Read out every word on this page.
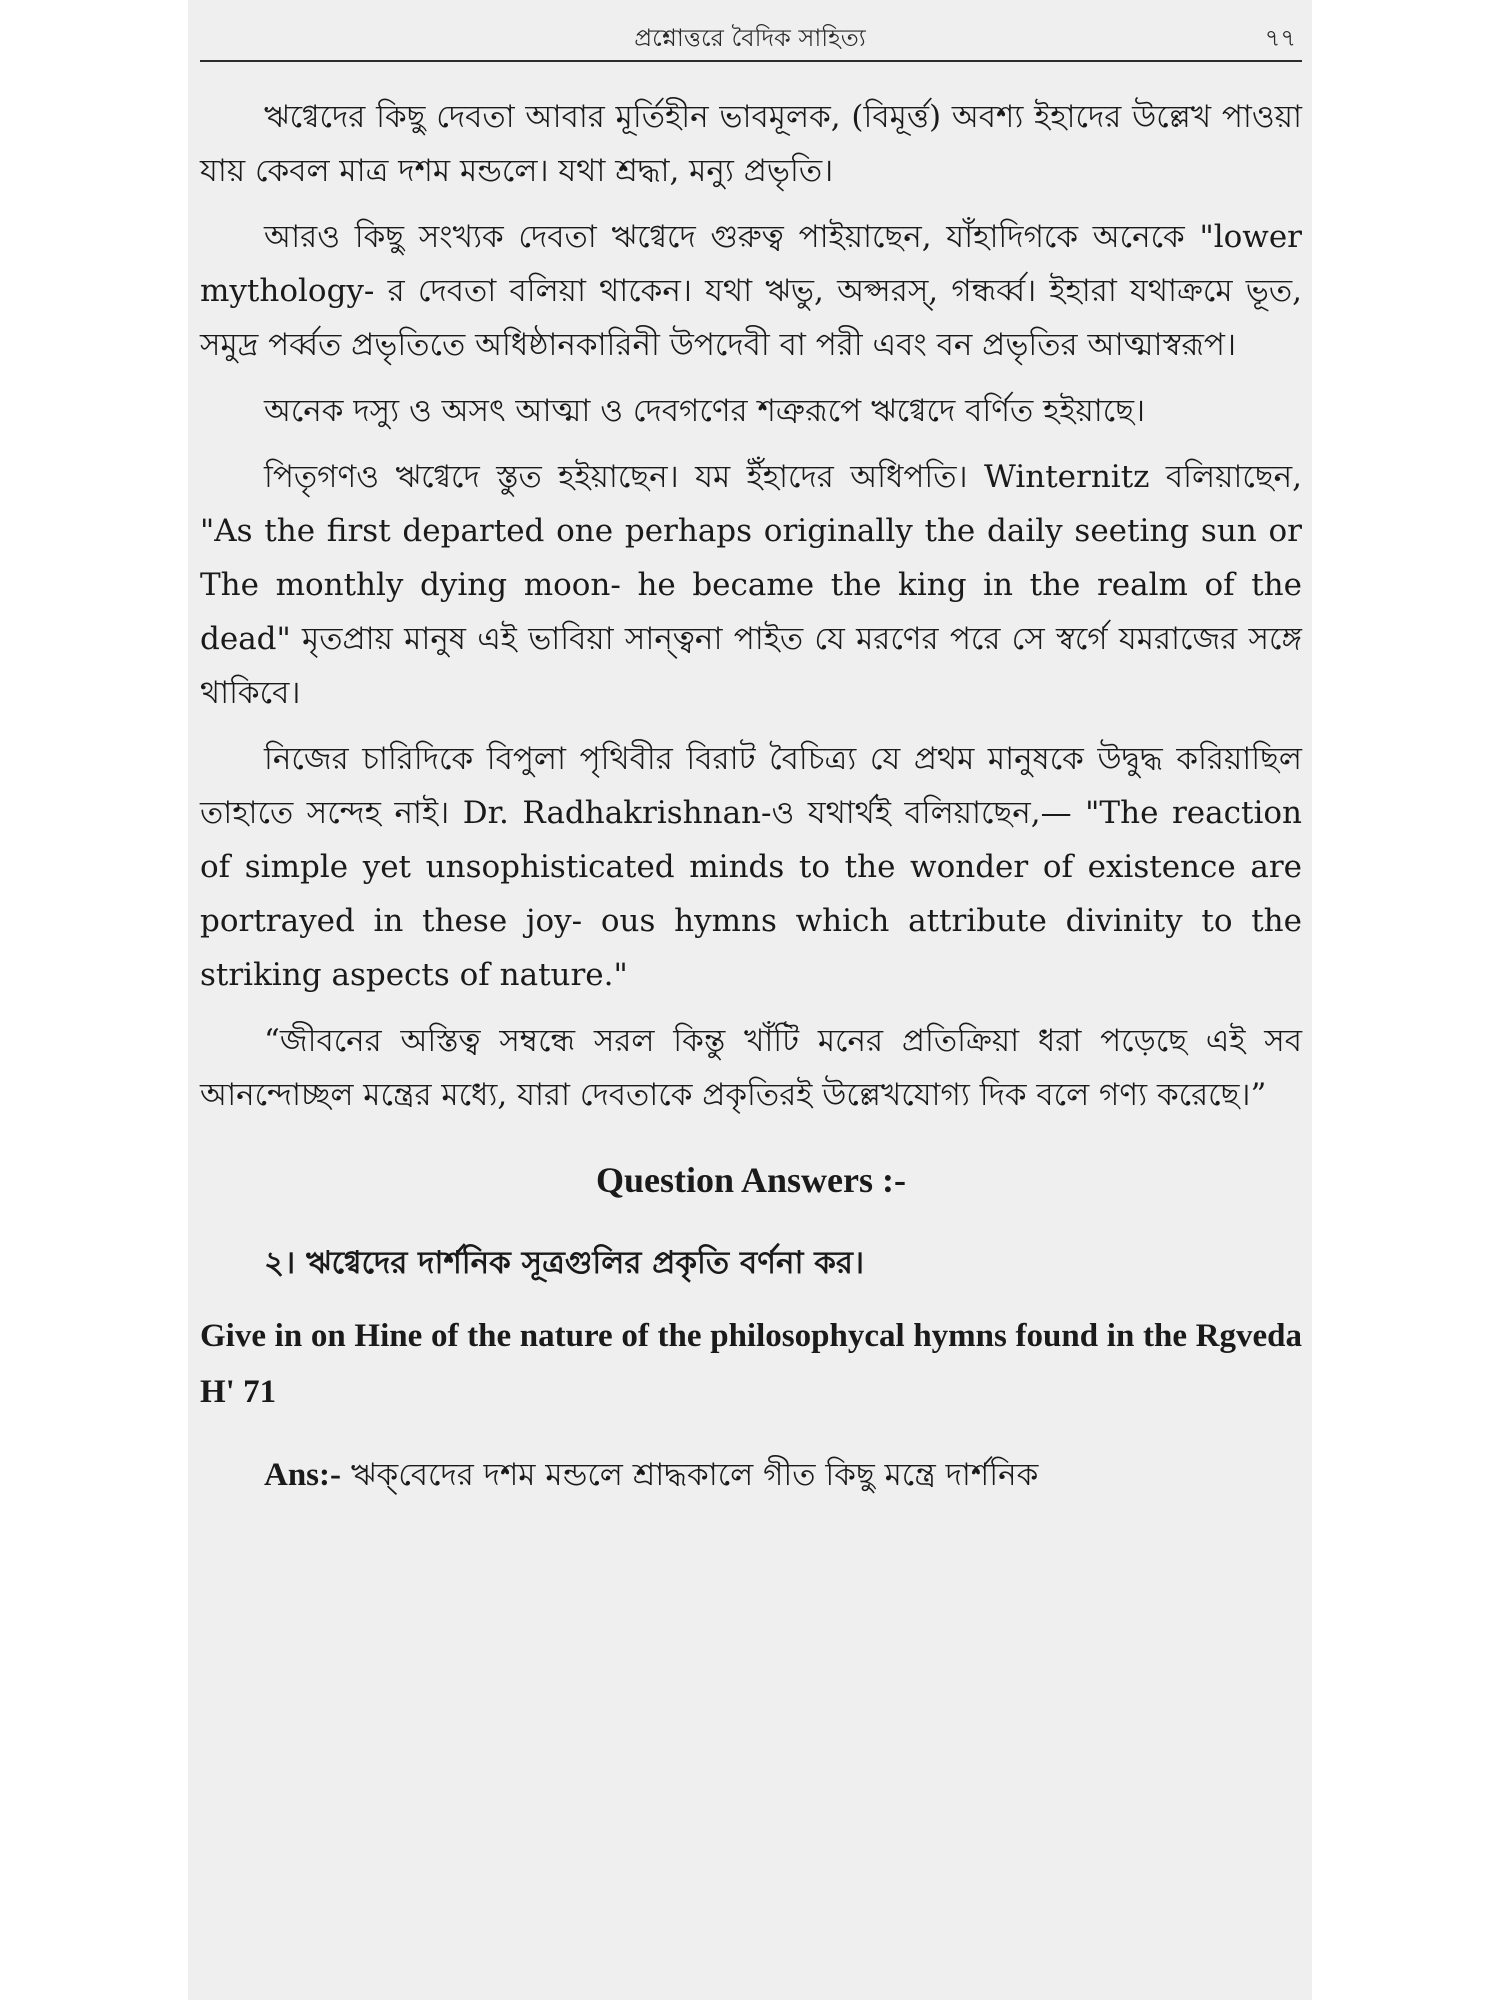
প্রশ্নোত্তরে বৈদিক সাহিত্য	৭৭

ঋগ্বেদের কিছু দেবতা আবার মূর্তিহীন ভাবমূলক, (বিমূর্ত্ত) অবশ্য ইহাদের উল্লেখ পাওয়া যায় কেবল মাত্র দশম মন্ডলে। যথা শ্রদ্ধা, মন্যু প্রভৃতি।

আরও কিছু সংখ্যক দেবতা ঋগ্বেদে গুরুত্ব পাইয়াছেন, যাঁহাদিগকে অনেকে "lower mythology- র দেবতা বলিয়া থাকেন। যথা ঋভু, অপ্সরস্, গন্ধর্ব্ব। ইহারা যথাক্রমে ভূত, সমুদ্র পর্ব্বত প্রভৃতিতে অধিষ্ঠানকারিনী উপদেবী বা পরী এবং বন প্রভৃতির আত্মাস্বরূপ।

অনেক দস্যু ও অসৎ আত্মা ও দেবগণের শত্রুরূপে ঋগ্বেদে বর্ণিত হইয়াছে।

পিতৃগণও ঋগ্বেদে স্তুত হইয়াছেন। যম ইঁহাদের অধিপতি। Winternitz বলিয়াছেন, "As the first departed one perhaps originally the daily seeting sun or The monthly dying moon- he became the king in the realm of the dead" মৃতপ্রায় মানুষ এই ভাবিয়া সান্ত্বনা পাইত যে মরণের পরে সে স্বর্গে যমরাজের সঙ্গে থাকিবে।

নিজের চারিদিকে বিপুলা পৃথিবীর বিরাট বৈচিত্র্য যে প্রথম মানুষকে উদ্বুদ্ধ করিয়াছিল তাহাতে সন্দেহ নাই। Dr. Radhakrishnan-ও যথার্থই বলিয়াছেন,— "The reaction of simple yet unsophisticated minds to the wonder of existence are portrayed in these joy- ous hymns which attribute divinity to the striking aspects of nature."

“জীবনের অস্তিত্ব সম্বন্ধে সরল কিন্তু খাঁটি মনের প্রতিক্রিয়া ধরা পড়েছে এই সব আনন্দোচ্ছল মন্ত্রের মধ্যে, যারা দেবতাকে প্রকৃতিরই উল্লেখযোগ্য দিক বলে গণ্য করেছে।”

Question Answers :-

২। ঋগ্বেদের দার্শনিক সূত্রগুলির প্রকৃতি বর্ণনা কর।

Give in on Hine of the nature of the philosophycal hymns found in the Rgveda H' 71

Ans:- ঋক্‌বেদের দশম মন্ডলে শ্রাদ্ধকালে গীত কিছু মন্ত্রে দার্শনিক
